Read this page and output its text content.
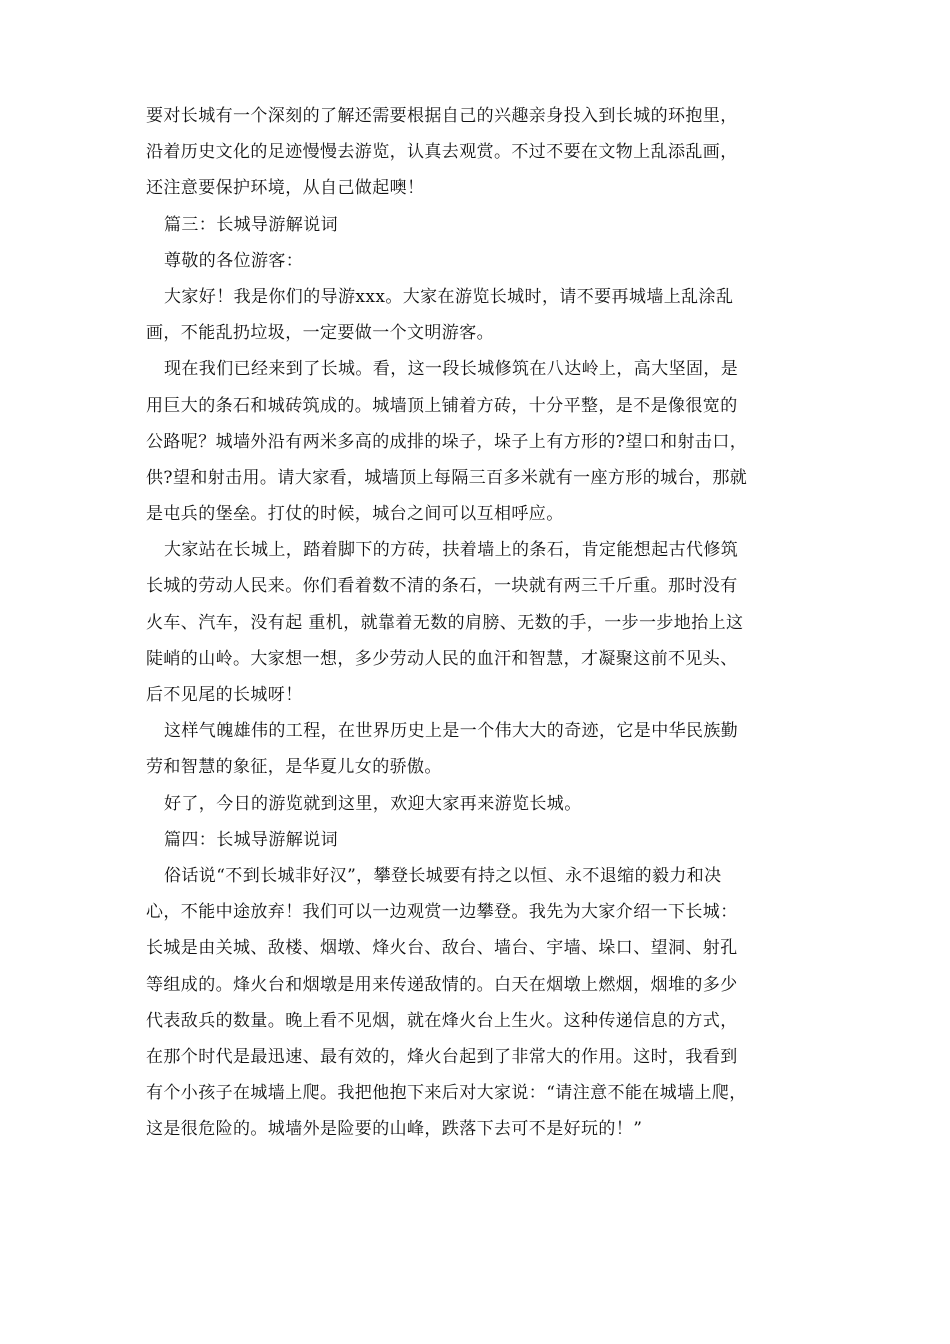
要对长城有一个深刻的了解还需要根据自己的兴趣亲身投入到长城的环抱里，
沿着历史文化的足迹慢慢去游览，认真去观赏。不过不要在文物上乱添乱画，
还注意要保护环境，从自己做起噢！
篇三：长城导游解说词
尊敬的各位游客：
大家好！我是你们的导游xxx。大家在游览长城时，请不要再城墙上乱涂乱
画，不能乱扔垃圾，一定要做一个文明游客。
现在我们已经来到了长城。看，这一段长城修筑在八达岭上，高大坚固，是
用巨大的条石和城砖筑成的。城墙顶上铺着方砖，十分平整，是不是像很宽的
公路呢？城墙外沿有两米多高的成排的垛子，垛子上有方形的?望口和射击口，
供?望和射击用。请大家看，城墙顶上每隔三百多米就有一座方形的城台，那就
是屯兵的堡垒。打仗的时候，城台之间可以互相呼应。
大家站在长城上，踏着脚下的方砖，扶着墙上的条石，肯定能想起古代修筑
长城的劳动人民来。你们看着数不清的条石，一块就有两三千斤重。那时没有
火车、汽车，没有起 重机，就靠着无数的肩膀、无数的手，一步一步地抬上这
陡峭的山岭。大家想一想，多少劳动人民的血汗和智慧，才凝聚这前不见头、
后不见尾的长城呀！
这样气魄雄伟的工程，在世界历史上是一个伟大大的奇迹，它是中华民族勤
劳和智慧的象征，是华夏儿女的骄傲。
好了，今日的游览就到这里，欢迎大家再来游览长城。
篇四：长城导游解说词
俗话说“不到长城非好汉”，攀登长城要有持之以恒、永不退缩的毅力和决
心，不能中途放弃！我们可以一边观赏一边攀登。我先为大家介绍一下长城：
长城是由关城、敌楼、烟墩、烽火台、敌台、墙台、宇墙、垛口、望洞、射孔
等组成的。烽火台和烟墩是用来传递敌情的。白天在烟墩上燃烟，烟堆的多少
代表敌兵的数量。晚上看不见烟，就在烽火台上生火。这种传递信息的方式，
在那个时代是最迅速、最有效的，烽火台起到了非常大的作用。这时，我看到
有个小孩子在城墙上爬。我把他抱下来后对大家说：“请注意不能在城墙上爬，
这是很危险的。城墙外是险要的山峰，跌落下去可不是好玩的！”
